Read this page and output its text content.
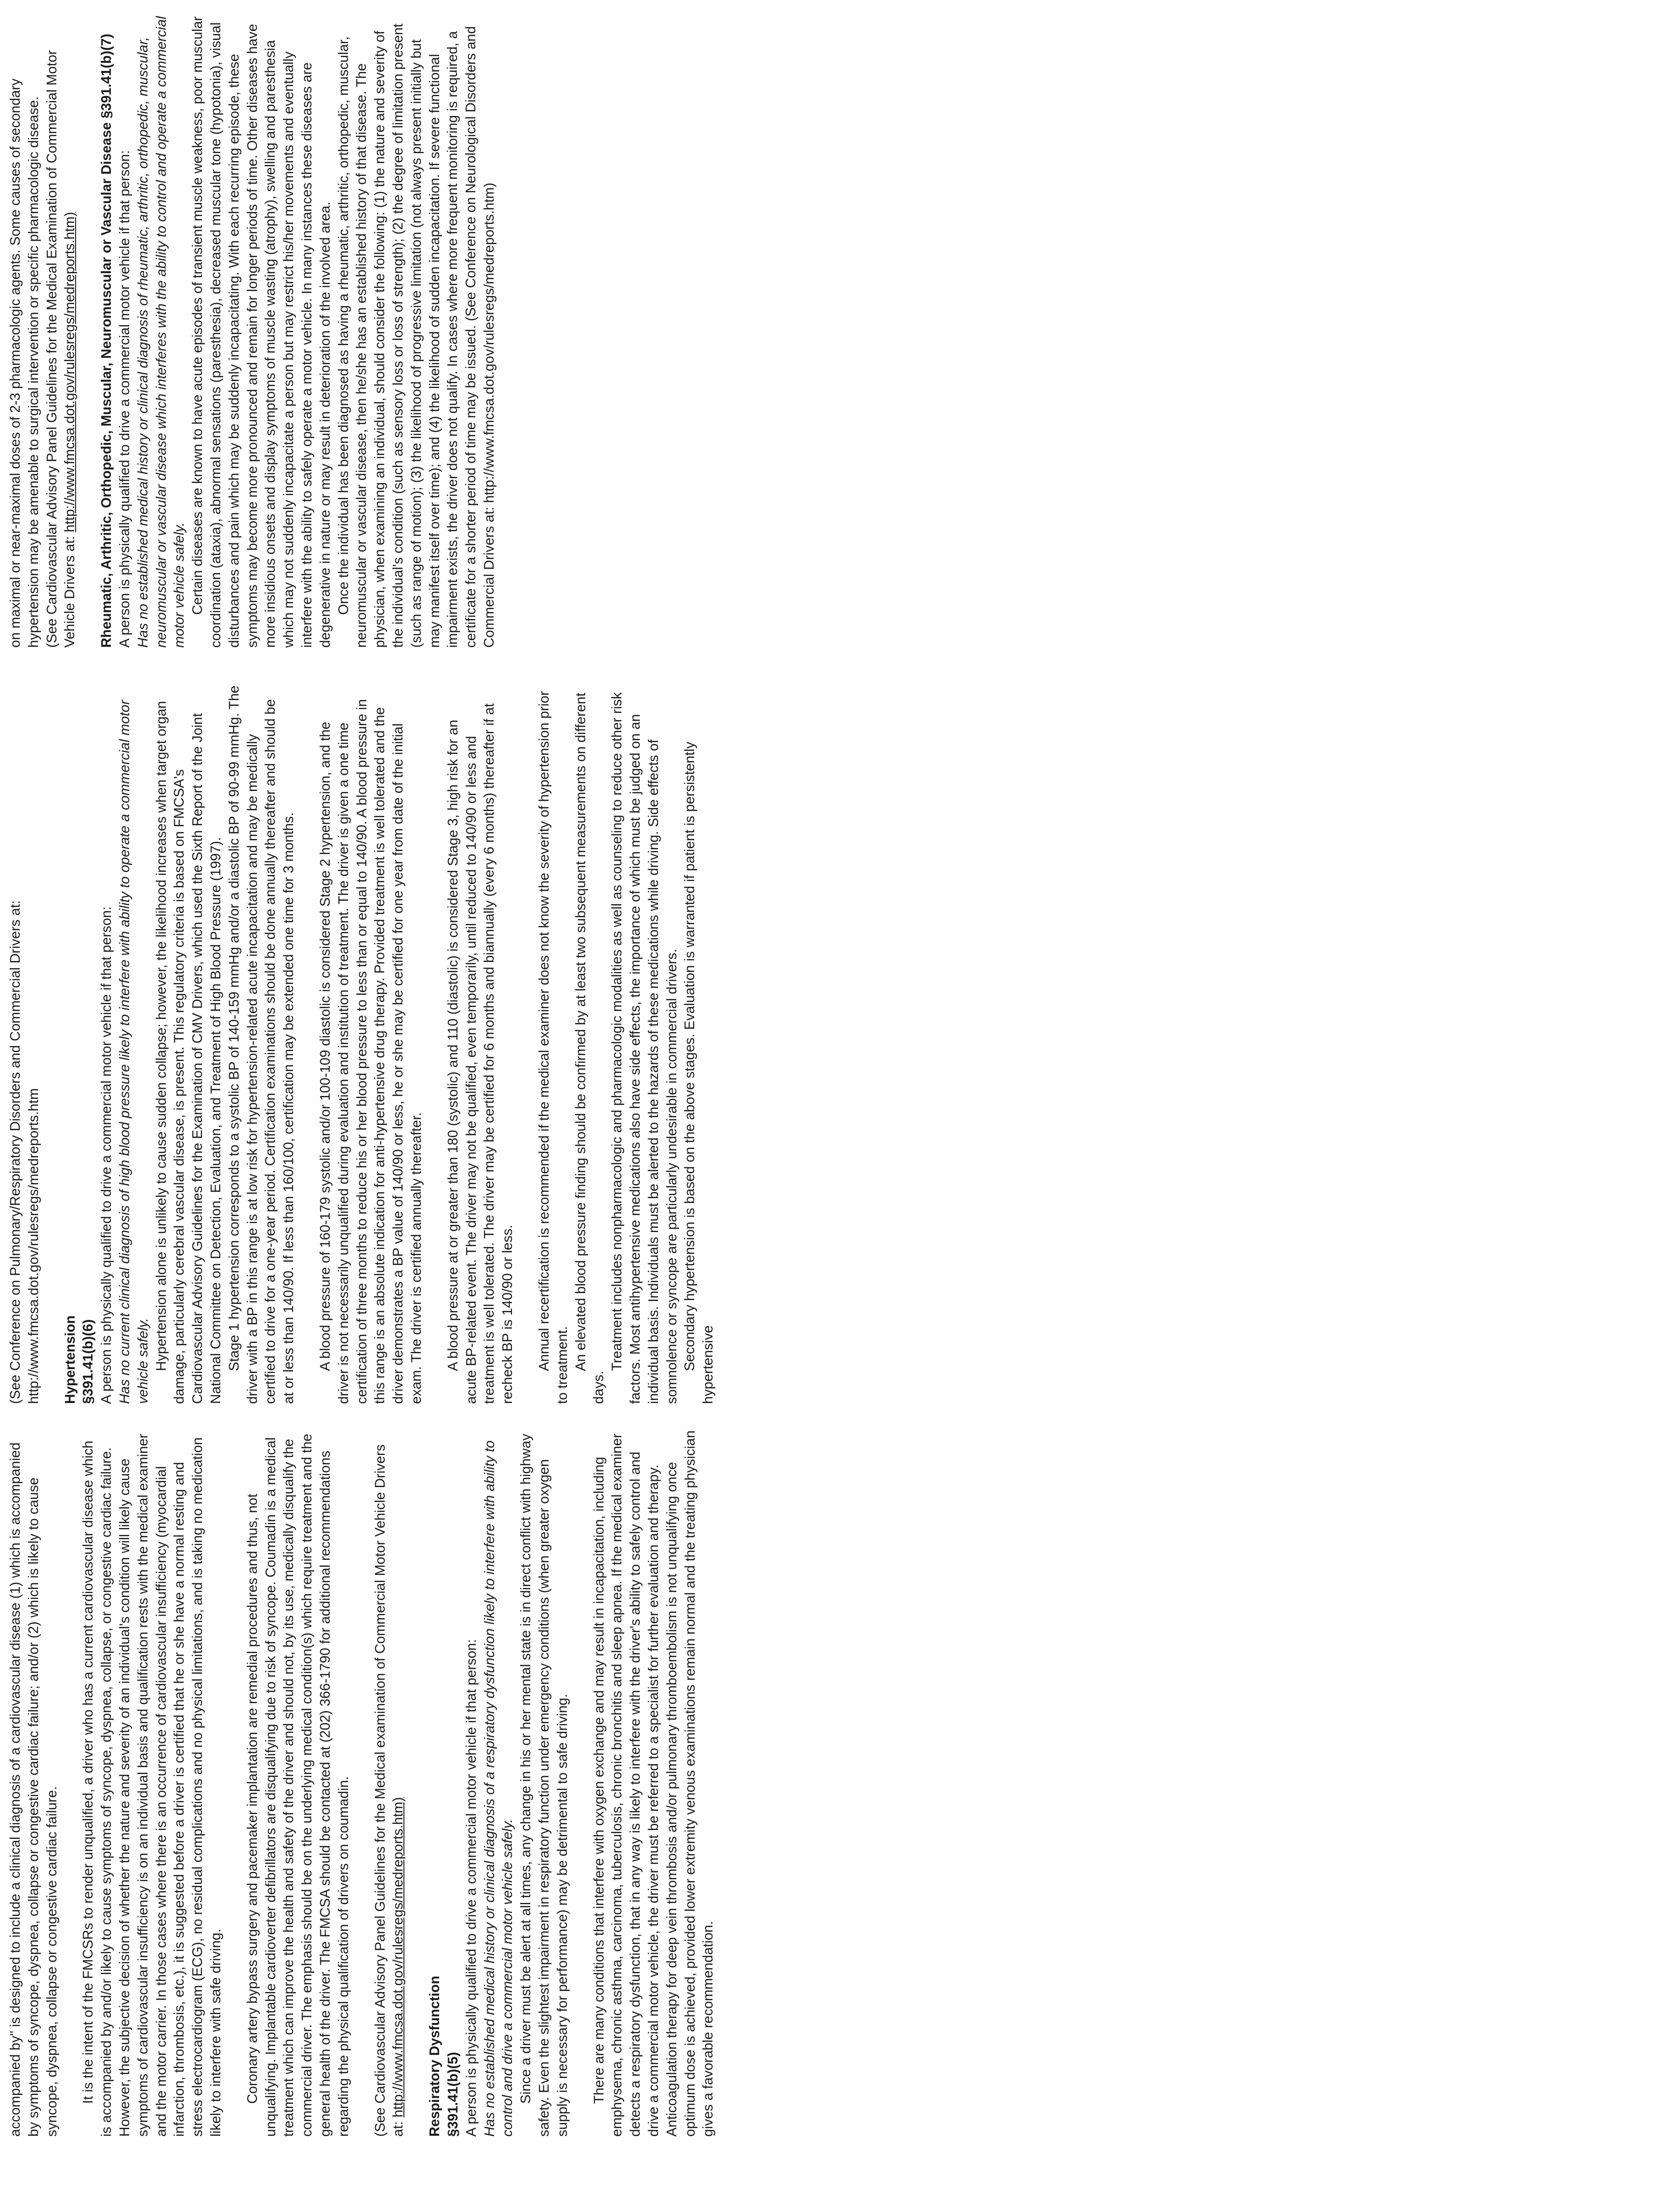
accompanied by" is designed to include a clinical diagnosis of a cardiovascular disease (1) which is accompanied by symptoms of syncope, dyspnea, collapse or congestive cardiac failure; and/or (2) which is likely to cause syncope, dyspnea, collapse or congestive cardiac failure. It is the intent of the FMCSRs to render unqualified, a driver who has a current cardiovascular disease which is accompanied by and/or likely to cause symptoms of syncope, dyspnea, collapse, or congestive cardiac failure. However, the subjective decision of whether the nature and severity of an individual's condition will likely cause symptoms of cardiovascular insufficiency is on an individual basis and qualification rests with the medical examiner and the motor carrier. In those cases where there is an occurrence of cardiovascular insufficiency (myocardial infarction, thrombosis, etc.), it is suggested before a driver is certified that he or she have a normal resting and stress electrocardiogram (ECG), no residual complications and no physical limitations, and is taking no medication likely to interfere with safe driving. Coronary artery bypass surgery and pacemaker implantation are remedial procedures and thus, not unqualifying. Implantable cardioverter defibrillators are disqualifying due to risk of syncope. Coumadin is a medical treatment which can improve the health and safety of the driver and should not, by its use, medically disqualify the commercial driver. The emphasis should be on the underlying medical condition(s) which require treatment and the general health of the driver. The FMCSA should be contacted at (202) 366-1790 for additional recommendations regarding the physical qualification of drivers on coumadin. (See Cardiovascular Advisory Panel Guidelines for the Medical examination of Commercial Motor Vehicle Drivers at: http://www.fmcsa.dot.gov/rulesregs/medreports.htm) Respiratory Dysfunction §391.41(b)(5) A person is physically qualified to drive a commercial motor vehicle if that person: Has no established medical history or clinical diagnosis of a respiratory dysfunction likely to interfere with ability to control and drive a commercial motor vehicle safely. Since a driver must be alert at all times, any change in his or her mental state is in direct conflict with highway safety. Even the slightest impairment in respiratory function under emergency conditions (when greater oxygen supply is necessary for performance) may be detrimental to safe driving. There are many conditions that interfere with oxygen exchange and may result in incapacitation, including emphysema, chronic asthma, carcinoma, tuberculosis, chronic bronchitis and sleep apnea. If the medical examiner detects a respiratory dysfunction, that in any way is likely to interfere with the driver's ability to safely control and drive a commercial motor vehicle, the driver must be referred to a specialist for further evaluation and therapy. Anticoagulation therapy for deep vein thrombosis and/or pulmonary thromboembolism is not unqualifying once optimum dose is achieved, provided lower extremity venous examinations remain normal and the treating physician gives a favorable recommendation.

(See Conference on Pulmonary/Respiratory Disorders and Commercial Drivers at: http://www.fmcsa.dot.gov/rulesregs/medreports.htm Hypertension §391.41(b)(6) A person is physically qualified to drive a commercial motor vehicle if that person: Has no current clinical diagnosis of high blood pressure likely to interfere with ability to operate a commercial motor vehicle safely. Hypertension alone is unlikely to cause sudden collapse; however, the likelihood increases when target organ damage, particularly cerebral vascular disease, is present. This regulatory criteria is based on FMCSA's Cardiovascular Advisory Guidelines for the Examination of CMV Drivers, which used the Sixth Report of the Joint National Committee on Detection, Evaluation, and Treatment of High Blood Pressure (1997). Stage 1 hypertension corresponds to a systolic BP of 140-159 mmHg and/or a diastolic BP of 90-99 mmHg. The driver with a BP in this range is at low risk for hypertension-related acute incapacitation and may be medically certified to drive for a one-year period. Certification examinations should be done annually thereafter and should be at or less than 140/90. If less than 160/100, certification may be extended one time for 3 months. A blood pressure of 160-179 systolic and/or 100-109 diastolic is considered Stage 2 hypertension, and the driver is not necessarily unqualified during evaluation and institution of treatment. The driver is given a one time certification of three months to reduce his or her blood pressure to less than or equal to 140/90. A blood pressure in this range is an absolute indication for anti-hypertensive drug therapy. Provided treatment is well tolerated and the driver demonstrates a BP value of 140/90 or less, he or she may be certified for one year from date of the initial exam. The driver is certified annually thereafter. A blood pressure at or greater than 180 (systolic) and 110 (diastolic) is considered Stage 3, high risk for an acute BP-related event. The driver may not be qualified, even temporarily, until reduced to 140/90 or less and treatment is well tolerated. The driver may be certified for 6 months and biannually (every 6 months) thereafter if at recheck BP is 140/90 or less. Annual recertification is recommended if the medical examiner does not know the severity of hypertension prior to treatment. An elevated blood pressure finding should be confirmed by at least two subsequent measurements on different days.
Treatment includes nonpharmacologic and pharmacologic modalities as well as counseling to reduce other risk factors. Most antihypertensive medications also have side effects, the importance of which must be judged on an individual basis. Individuals must be alerted to the hazards of these medications while driving. Side effects of somnolence or syncope are particularly undesirable in commercial drivers. Secondary hypertension is based on the above stages. Evaluation is warranted if patient is persistently hypertensive
on maximal or near-maximal doses of 2-3 pharmacologic agents. Some causes of secondary hypertension may be amenable to surgical intervention or specific pharmacologic disease. (See Cardiovascular Advisory Panel Guidelines for the Medical Examination of Commercial Motor Vehicle Drivers at: http://www.fmcsa.dot.gov/rulesregs/medreports.htm) Rheumatic, Arthritic, Orthopedic, Muscular, Neuromuscular or Vascular Disease §391.41(b)(7) A person is physically qualified to drive a commercial motor vehicle if that person: Has no established medical history or clinical diagnosis of rheumatic, arthritic, orthopedic, muscular, neuromuscular or vascular disease which interferes with the ability to control and operate a commercial motor vehicle safely. Certain diseases are known to have acute episodes of transient muscle weakness, poor muscular coordination (ataxia), abnormal sensations (paresthesia), decreased muscular tone (hypotonia), visual disturbances and pain which may be suddenly incapacitating. With each recurring episode, these symptoms may become more pronounced and remain for longer periods of time. Other diseases have more insidious onsets and display symptoms of muscle wasting (atrophy), swelling and paresthesia which may not suddenly incapacitate a person but may restrict his/her movements and eventually interfere with the ability to safely operate a motor vehicle. In many instances these diseases are degenerative in nature or may result in deterioration of the involved area. Once the individual has been diagnosed as having a rheumatic, arthritic, orthopedic, muscular, neuromuscular or vascular disease, then he/she has an established history of that disease. The physician, when examining an individual, should consider the following: (1) the nature and severity of the individual's condition (such as sensory loss or loss of strength); (2) the degree of limitation present (such as range of motion); (3) the likelihood of progressive limitation (not always present initially but may manifest itself over time); and (4) the likelihood of sudden incapacitation. If severe functional impairment exists, the driver does not qualify. In cases where more frequent monitoring is required, a certificate for a shorter period of time may be issued. (See Conference on Neurological Disorders and Commercial Drivers at: http://www.fmcsa.dot.gov/rulesregs/medreports.htm)
